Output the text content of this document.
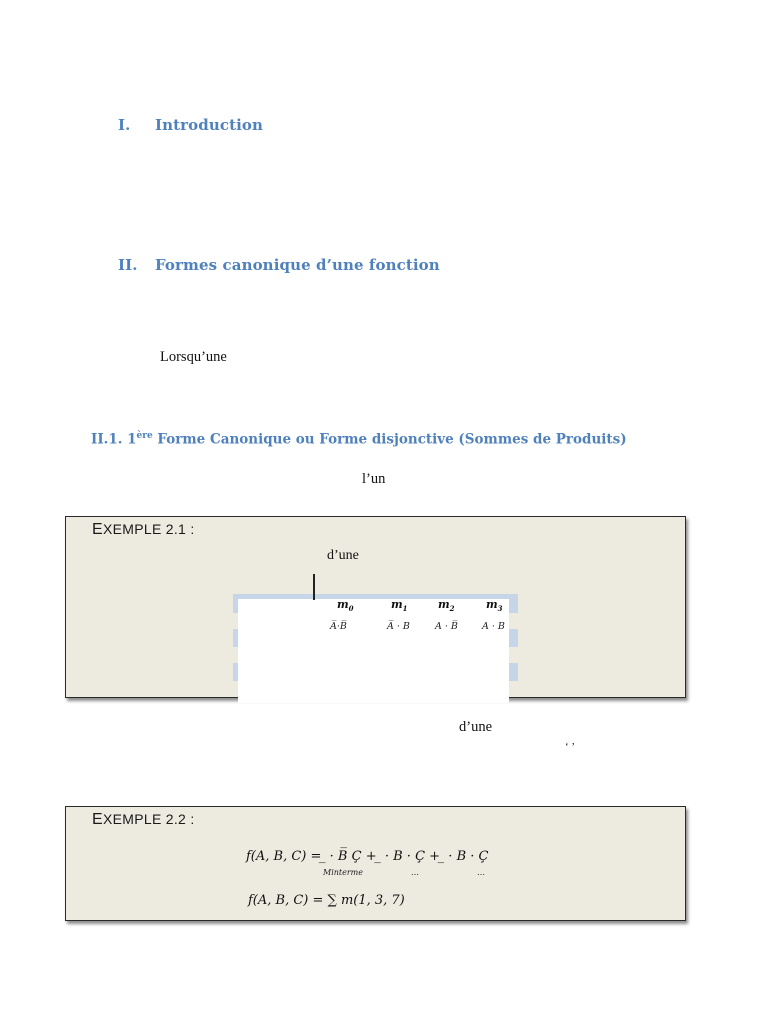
I. Introduction
II. Formes canonique d’une fonction
Lorsqu’une
II.1. 1ère Forme Canonique ou Forme disjonctive (Sommes de Produits)
l’un
EXEMPLE 2.1 :
d’une
$m_0$	$m_1$	$m_2$	$m_3$
A̅·B̅	A̅ · B	A · B̅	A · B
d’une
‘ ’
EXEMPLE 2.2 :
f(A, B, C) = ̲ · B̅ Ç + ̲ · B · Ç + ̲ · B · Ç
Minterme	…	…
f(A, B, C) = ∑ m(1, 3, 7)
